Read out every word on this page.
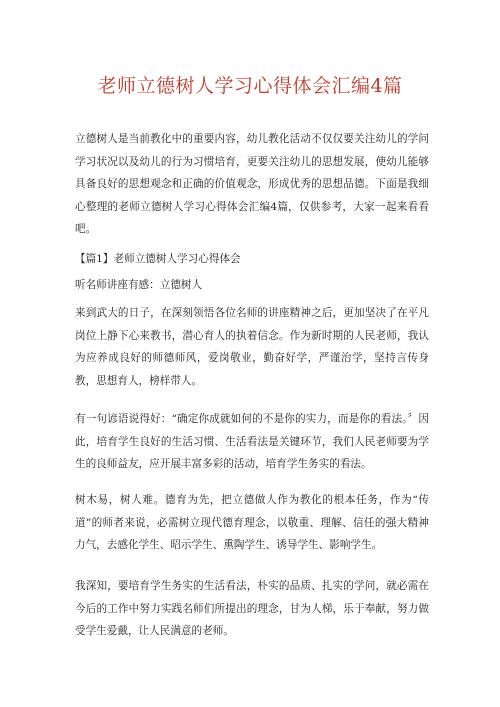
老师立德树人学习心得体会汇编4篇

立德树人是当前教化中的重要内容，幼儿教化活动不仅仅要关注幼儿的学问学习状况以及幼儿的行为习惯培育，更要关注幼儿的思想发展，使幼儿能够具备良好的思想观念和正确的价值观念，形成优秀的思想品德。下面是我细心整理的老师立德树人学习心得体会汇编4篇，仅供参考，大家一起来看看吧。

【篇1】老师立德树人学习心得体会

听名师讲座有感：立德树人

来到武大的日子，在深刻领悟各位名师的讲座精神之后，更加坚决了在平凡岗位上静下心来教书，潜心育人的执着信念。作为新时期的人民老师，我认为应养成良好的师德师风，爱岗敬业，勤奋好学，严谨治学，坚持言传身教，思想育人，榜样带人。

有一句谚语说得好：“确定你成就如何的不是你的实力，而是你的看法。〞因此，培育学生良好的生活习惯、生活看法是关键环节，我们人民老师要为学生的良师益友，应开展丰富多彩的活动，培育学生务实的看法。

树木易，树人难。德育为先，把立德做人作为教化的根本任务，作为“传道”的师者来说，必需树立现代德育理念，以敬重、理解、信任的强大精神力气，去感化学生、昭示学生、熏陶学生、诱导学生、影响学生。

我深知，要培育学生务实的生活看法，朴实的品质、扎实的学问，就必需在今后的工作中努力实践名师们所提出的理念，甘为人梯，乐于奉献，努力做受学生爱戴，让人民满意的老师。
